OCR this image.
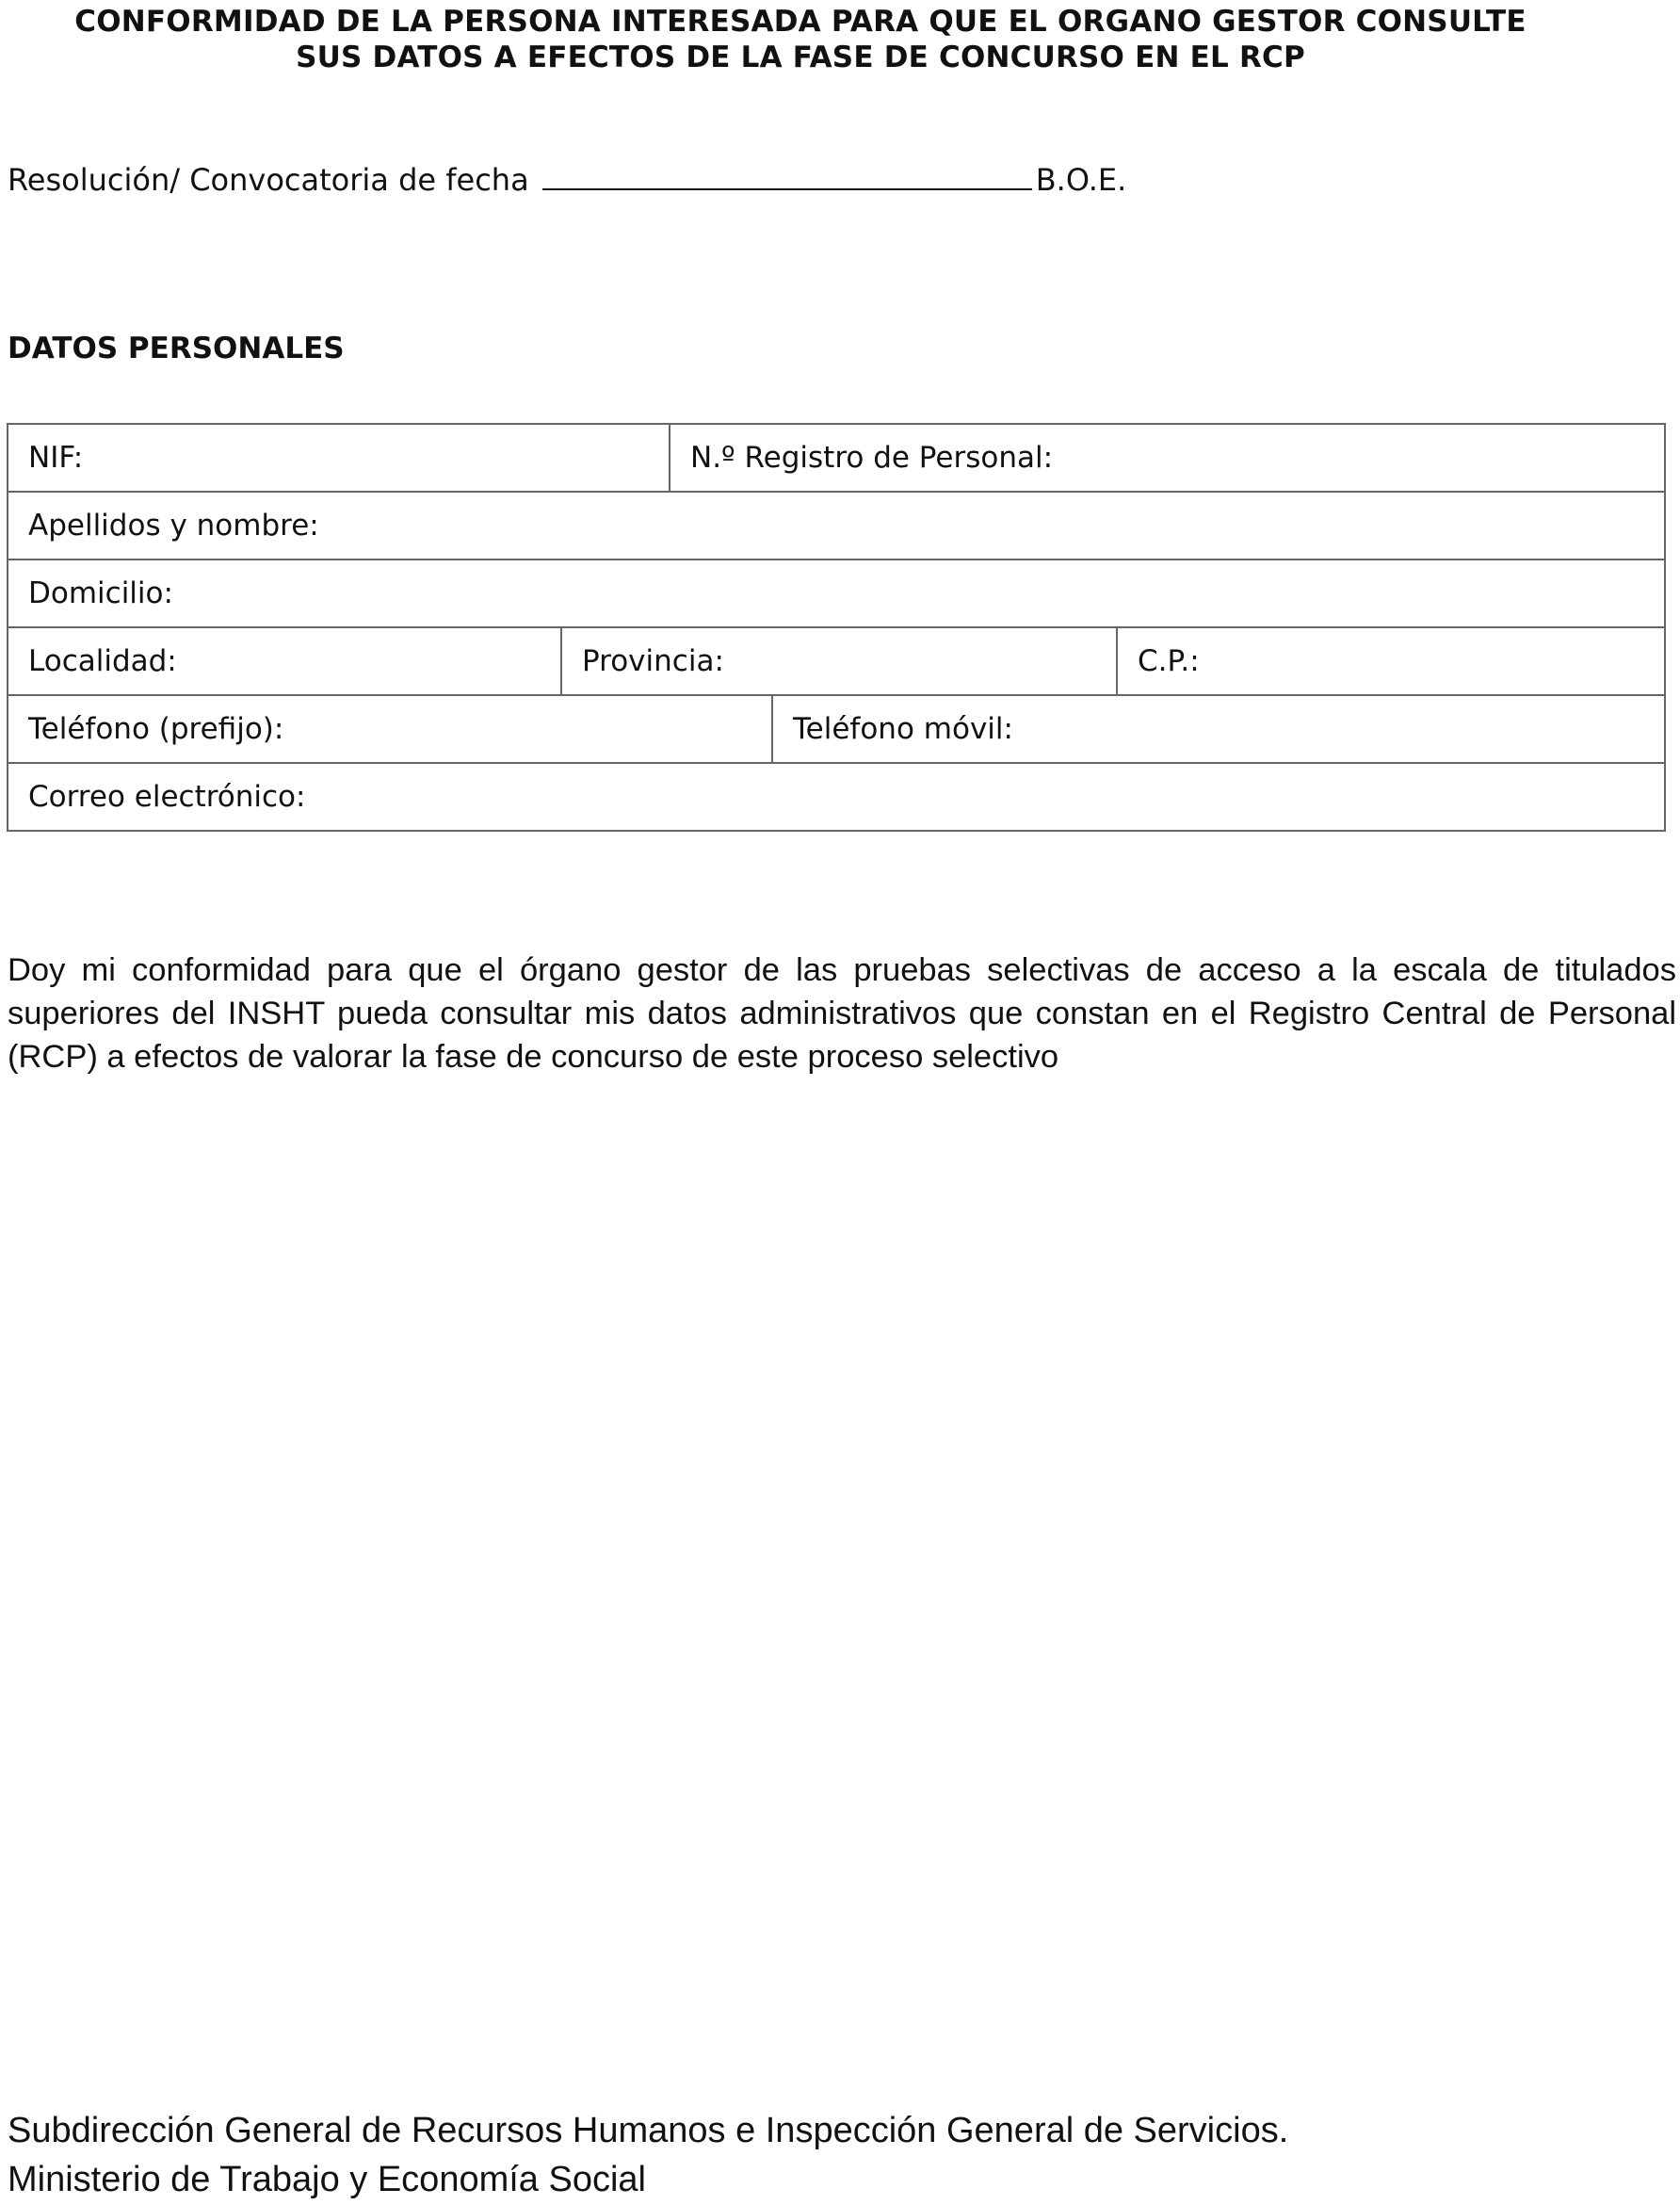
CONFORMIDAD DE LA PERSONA INTERESADA PARA QUE EL ORGANO GESTOR CONSULTE
SUS DATOS A EFECTOS DE LA FASE DE CONCURSO EN EL RCP
Resolución/ Convocatoria de fecha	B.O.E.
DATOS PERSONALES
NIF:	N.º Registro de Personal:
Apellidos y nombre:
Domicilio:
Localidad:	Provincia:	C.P.:
Teléfono (prefijo):	Teléfono móvil:
Correo electrónico:
Doy mi conformidad para que el órgano gestor de las pruebas selectivas de acceso a la escala de titulados superiores del INSHT pueda consultar mis datos administrativos que constan en el Registro Central de Personal (RCP) a efectos de valorar la fase de concurso de este proceso selectivo
Subdirección General de Recursos Humanos e Inspección General de Servicios.
Ministerio de Trabajo y Economía Social
